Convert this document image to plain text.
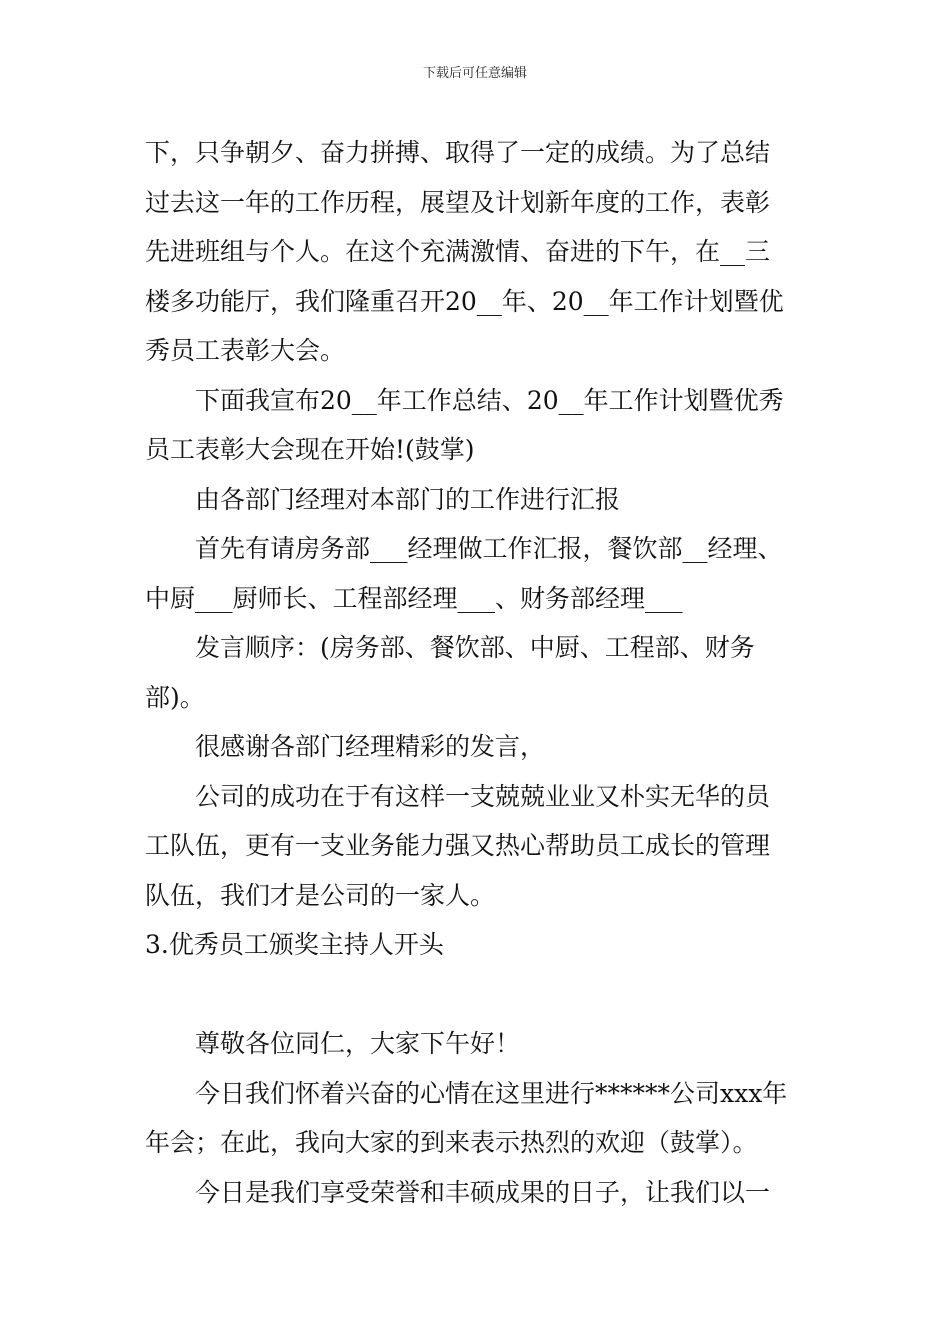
下载后可任意编辑
下，只争朝夕、奋力拼搏、取得了一定的成绩。为了总结
过去这一年的工作历程，展望及计划新年度的工作，表彰
先进班组与个人。在这个充满激情、奋进的下午，在__三
楼多功能厅，我们隆重召开20__年、20__年工作计划暨优
秀员工表彰大会。
下面我宣布20__年工作总结、20__年工作计划暨优秀
员工表彰大会现在开始!(鼓掌)
由各部门经理对本部门的工作进行汇报
首先有请房务部___经理做工作汇报，餐饮部__经理、
中厨___厨师长、工程部经理___、财务部经理___
发言顺序：(房务部、餐饮部、中厨、工程部、财务
部)。
很感谢各部门经理精彩的发言，
公司的成功在于有这样一支兢兢业业又朴实无华的员
工队伍，更有一支业务能力强又热心帮助员工成长的管理
队伍，我们才是公司的一家人。
3.优秀员工颁奖主持人开头
尊敬各位同仁，大家下午好！
今日我们怀着兴奋的心情在这里进行******公司xxx年
年会；在此，我向大家的到来表示热烈的欢迎（鼓掌）。
今日是我们享受荣誉和丰硕成果的日子，让我们以一
